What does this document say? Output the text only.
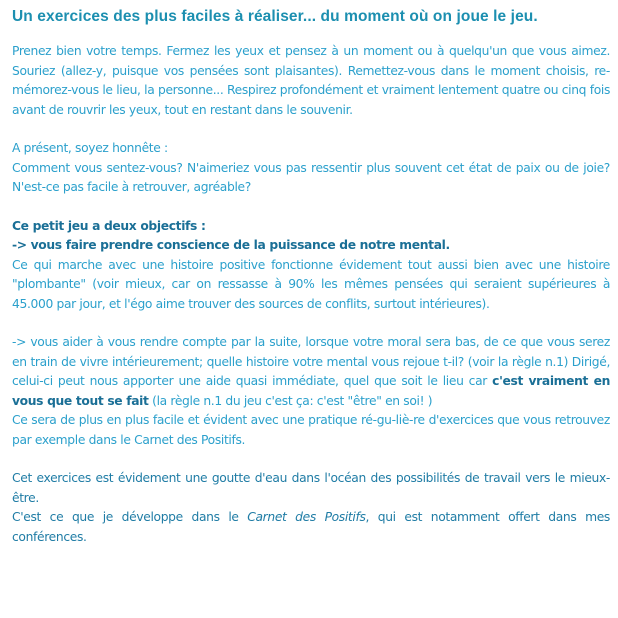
Un exercices des plus faciles à réaliser... du moment où on joue le jeu.

Prenez bien votre temps. Fermez les yeux et pensez à un moment ou à quelqu'un que vous aimez. Souriez (allez-y, puisque vos pensées sont plaisantes). Remettez-vous dans le moment choisis, re-mémorez-vous le lieu, la personne... Respirez profondément et vraiment lentement quatre ou cinq fois avant de rouvrir les yeux, tout en restant dans le souvenir.

A présent, soyez honnête :
Comment vous sentez-vous? N'aimeriez vous pas ressentir plus souvent cet état de paix ou de joie? N'est-ce pas facile à retrouver, agréable?

Ce petit jeu a deux objectifs :
-> vous faire prendre conscience de la puissance de notre mental.
Ce qui marche avec une histoire positive fonctionne évidement tout aussi bien avec une histoire "plombante" (voir mieux, car on ressasse à 90% les mêmes pensées qui seraient supérieures à 45.000 par jour, et l'égo aime trouver des sources de conflits, surtout intérieures).

-> vous aider à vous rendre compte par la suite, lorsque votre moral sera bas, de ce que vous serez en train de vivre intérieurement; quelle histoire votre mental vous rejoue t-il? (voir la règle n.1) Dirigé, celui-ci peut nous apporter une aide quasi immédiate, quel que soit le lieu car c'est vraiment en vous que tout se fait (la règle n.1 du jeu c'est ça: c'est "être" en soi! )
Ce sera de plus en plus facile et évident avec une pratique ré-gu-liè-re d'exercices que vous retrouvez par exemple dans le Carnet des Positifs.

Cet exercices est évidement une goutte d'eau dans l'océan des possibilités de travail vers le mieux-être.
C'est ce que je développe dans le Carnet des Positifs, qui est notamment offert dans mes conférences.
